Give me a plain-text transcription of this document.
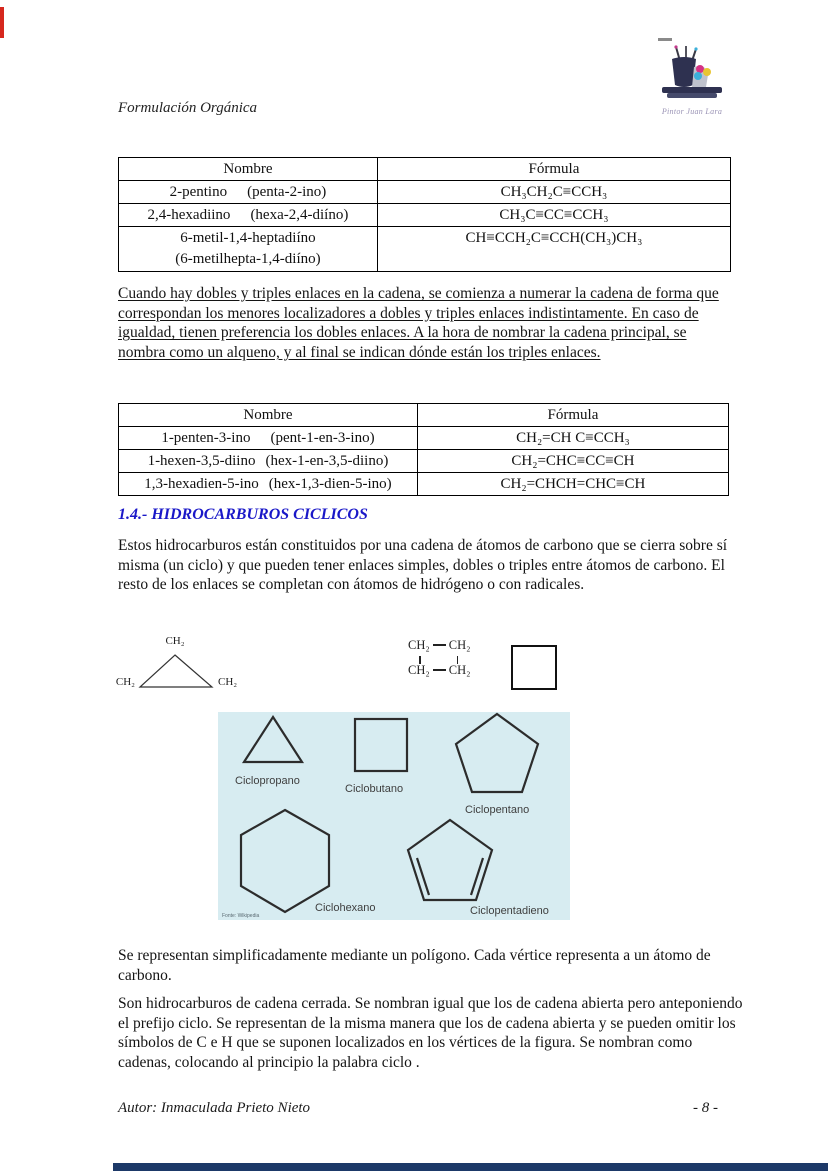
Formulación Orgánica	Pintor Juan Lara
Nombre	Fórmula
2-pentino (penta-2-ino)	CH₃CH₂C≡CCH₃
2,4-hexadiino (hexa-2,4-diíno)	CH₃C≡CC≡CCH₃

6-metil-1,4-heptadiíno
(6-metilhepta-1,4-diíno)	CH≡CCH₂C≡CCH(CH₃)CH₃
Cuando hay dobles y triples enlaces en la cadena, se comienza a numerar la cadena de forma que correspondan los menores localizadores a dobles y triples enlaces indistintamente. En caso de igualdad, tienen preferencia los dobles enlaces. A la hora de nombrar la cadena principal, se nombra como un alqueno, y al final se indican dónde están los triples enlaces.
Nombre	Fórmula
1-penten-3-ino (pent-1-en-3-ino)	CH₂=CH C≡CCH₃
1-hexen-3,5-diino (hex-1-en-3,5-diino)	CH₂=CHC≡CC≡CH
1,3-hexadien-5-ino (hex-1,3-dien-5-ino)	CH₂=CHCH=CHC≡CH
1.4.- HIDROCARBUROS CICLICOS
Estos hidrocarburos están constituidos por una cadena de átomos de carbono que se cierra sobre sí misma (un ciclo) y que pueden tener enlaces simples, dobles o triples entre átomos de carbono. El resto de los enlaces se completan con átomos de hidrógeno o con radicales.
CH₂
CH₂	CH₂
CH₂ CH₂
CH₂ CH₂
Ciclopropano
Ciclobutano
Ciclopentano
Ciclohexano	Ciclopentadieno
Fonte: Wikipedia
Se representan simplificadamente mediante un polígono. Cada vértice representa a un átomo de carbono.
Son hidrocarburos de cadena cerrada. Se nombran igual que los de cadena abierta pero anteponiendo el prefijo ciclo. Se representan de la misma manera que los de cadena abierta y se pueden omitir los símbolos de C e H que se suponen localizados en los vértices de la figura. Se nombran como cadenas, colocando al principio la palabra ciclo .
Autor: Inmaculada Prieto Nieto	- 8 -
